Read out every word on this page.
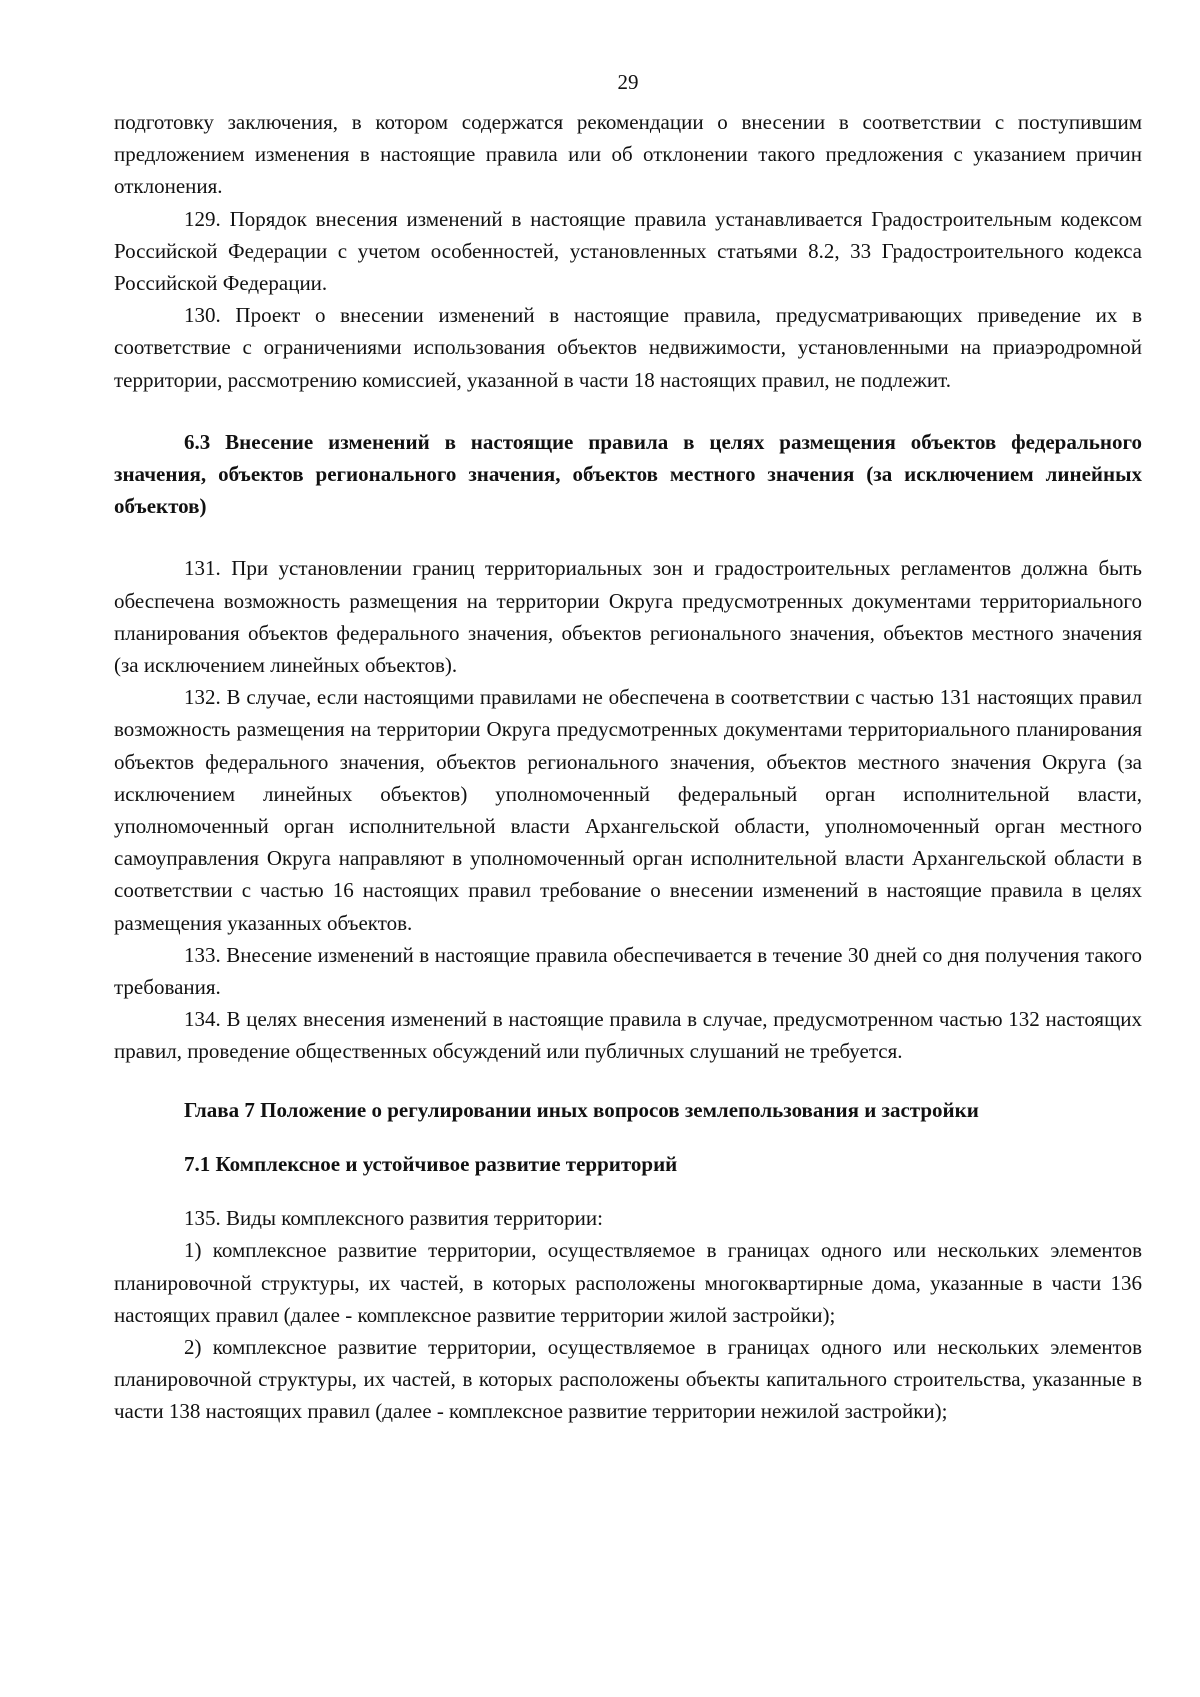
29

подготовку заключения, в котором содержатся рекомендации о внесении в соответствии с поступившим предложением изменения в настоящие правила или об отклонении такого предложения с указанием причин отклонения.

129. Порядок внесения изменений в настоящие правила устанавливается Градостроительным кодексом Российской Федерации с учетом особенностей, установленных статьями 8.2, 33 Градостроительного кодекса Российской Федерации.

130. Проект о внесении изменений в настоящие правила, предусматривающих приведение их в соответствие с ограничениями использования объектов недвижимости, установленными на приаэродромной территории, рассмотрению комиссией, указанной в части 18 настоящих правил, не подлежит.

6.3 Внесение изменений в настоящие правила в целях размещения объектов федерального значения, объектов регионального значения, объектов местного значения (за исключением линейных объектов)

131. При установлении границ территориальных зон и градостроительных регламентов должна быть обеспечена возможность размещения на территории Округа предусмотренных документами территориального планирования объектов федерального значения, объектов регионального значения, объектов местного значения (за исключением линейных объектов).

132. В случае, если настоящими правилами не обеспечена в соответствии с частью 131 настоящих правил возможность размещения на территории Округа предусмотренных документами территориального планирования объектов федерального значения, объектов регионального значения, объектов местного значения Округа (за исключением линейных объектов) уполномоченный федеральный орган исполнительной власти, уполномоченный орган исполнительной власти Архангельской области, уполномоченный орган местного самоуправления Округа направляют в уполномоченный орган исполнительной власти Архангельской области в соответствии с частью 16 настоящих правил требование о внесении изменений в настоящие правила в целях размещения указанных объектов.

133. Внесение изменений в настоящие правила обеспечивается в течение 30 дней со дня получения такого требования.

134. В целях внесения изменений в настоящие правила в случае, предусмотренном частью 132 настоящих правил, проведение общественных обсуждений или публичных слушаний не требуется.

Глава 7 Положение о регулировании иных вопросов землепользования и застройки

7.1 Комплексное и устойчивое развитие территорий

135. Виды комплексного развития территории:

1) комплексное развитие территории, осуществляемое в границах одного или нескольких элементов планировочной структуры, их частей, в которых расположены многоквартирные дома, указанные в части 136 настоящих правил (далее - комплексное развитие территории жилой застройки);

2) комплексное развитие территории, осуществляемое в границах одного или нескольких элементов планировочной структуры, их частей, в которых расположены объекты капитального строительства, указанные в части 138 настоящих правил (далее - комплексное развитие территории нежилой застройки);
